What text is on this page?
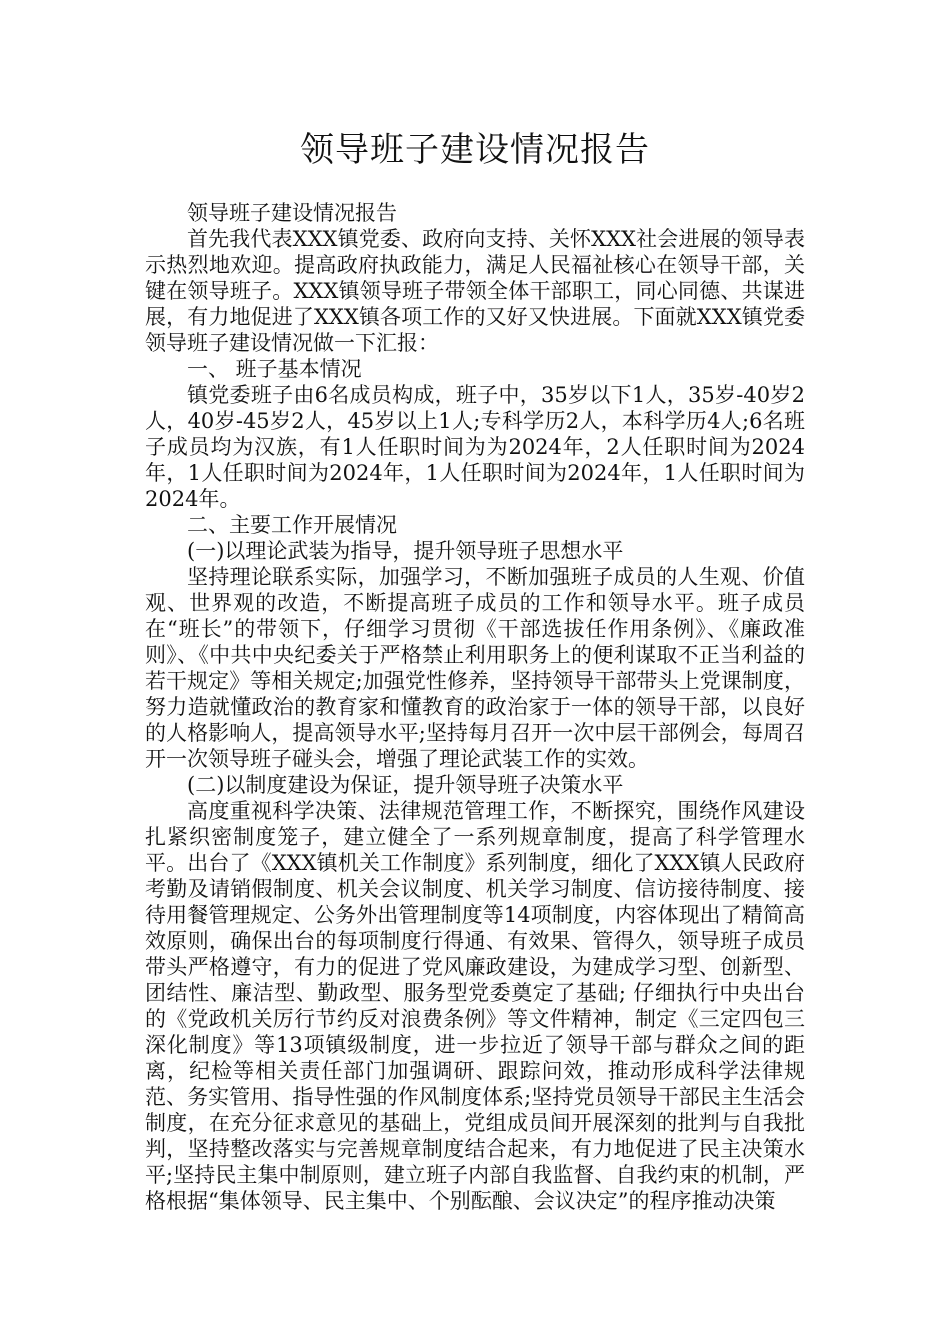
领导班子建设情况报告

领导班子建设情况报告

首先我代表XXX镇党委、政府向支持、关怀XXX社会进展的领导表示热烈地欢迎。提高政府执政能力，满足人民福祉核心在领导干部，关键在领导班子。XXX镇领导班子带领全体干部职工，同心同德、共谋进展，有力地促进了XXX镇各项工作的又好又快进展。下面就XXX镇党委领导班子建设情况做一下汇报：

一、 班子基本情况

镇党委班子由6名成员构成，班子中，35岁以下1人，35岁-40岁2人，40岁-45岁2人，45岁以上1人;专科学历2人，本科学历4人;6名班子成员均为汉族，有1人任职时间为为2024年，2人任职时间为2024年，1人任职时间为2024年，1人任职时间为2024年，1人任职时间为2024年。

二、主要工作开展情况

(一)以理论武装为指导，提升领导班子思想水平

坚持理论联系实际，加强学习，不断加强班子成员的人生观、价值观、世界观的改造，不断提高班子成员的工作和领导水平。班子成员在“班长”的带领下，仔细学习贯彻《干部选拔任作用条例》、《廉政准则》、《中共中央纪委关于严格禁止利用职务上的便利谋取不正当利益的若干规定》等相关规定;加强党性修养，坚持领导干部带头上党课制度，努力造就懂政治的教育家和懂教育的政治家于一体的领导干部，以良好的人格影响人，提高领导水平;坚持每月召开一次中层干部例会，每周召开一次领导班子碰头会，增强了理论武装工作的实效。

(二)以制度建设为保证，提升领导班子决策水平

高度重视科学决策、法律规范管理工作，不断探究，围绕作风建设扎紧织密制度笼子，建立健全了一系列规章制度，提高了科学管理水平。出台了《XXX镇机关工作制度》系列制度，细化了XXX镇人民政府考勤及请销假制度、机关会议制度、机关学习制度、信访接待制度、接待用餐管理规定、公务外出管理制度等14项制度，内容体现出了精简高效原则，确保出台的每项制度行得通、有效果、管得久，领导班子成员带头严格遵守，有力的促进了党风廉政建设，为建成学习型、创新型、团结性、廉洁型、勤政型、服务型党委奠定了基础; 仔细执行中央出台的《党政机关厉行节约反对浪费条例》等文件精神，制定《三定四包三深化制度》等13项镇级制度，进一步拉近了领导干部与群众之间的距离，纪检等相关责任部门加强调研、跟踪问效，推动形成科学法律规范、务实管用、指导性强的作风制度体系;坚持党员领导干部民主生活会制度，在充分征求意见的基础上，党组成员间开展深刻的批判与自我批判，坚持整改落实与完善规章制度结合起来，有力地促进了民主决策水平;坚持民主集中制原则，建立班子内部自我监督、自我约束的机制，严格根据“集体领导、民主集中、个别酝酿、会议决定”的程序推动决策
